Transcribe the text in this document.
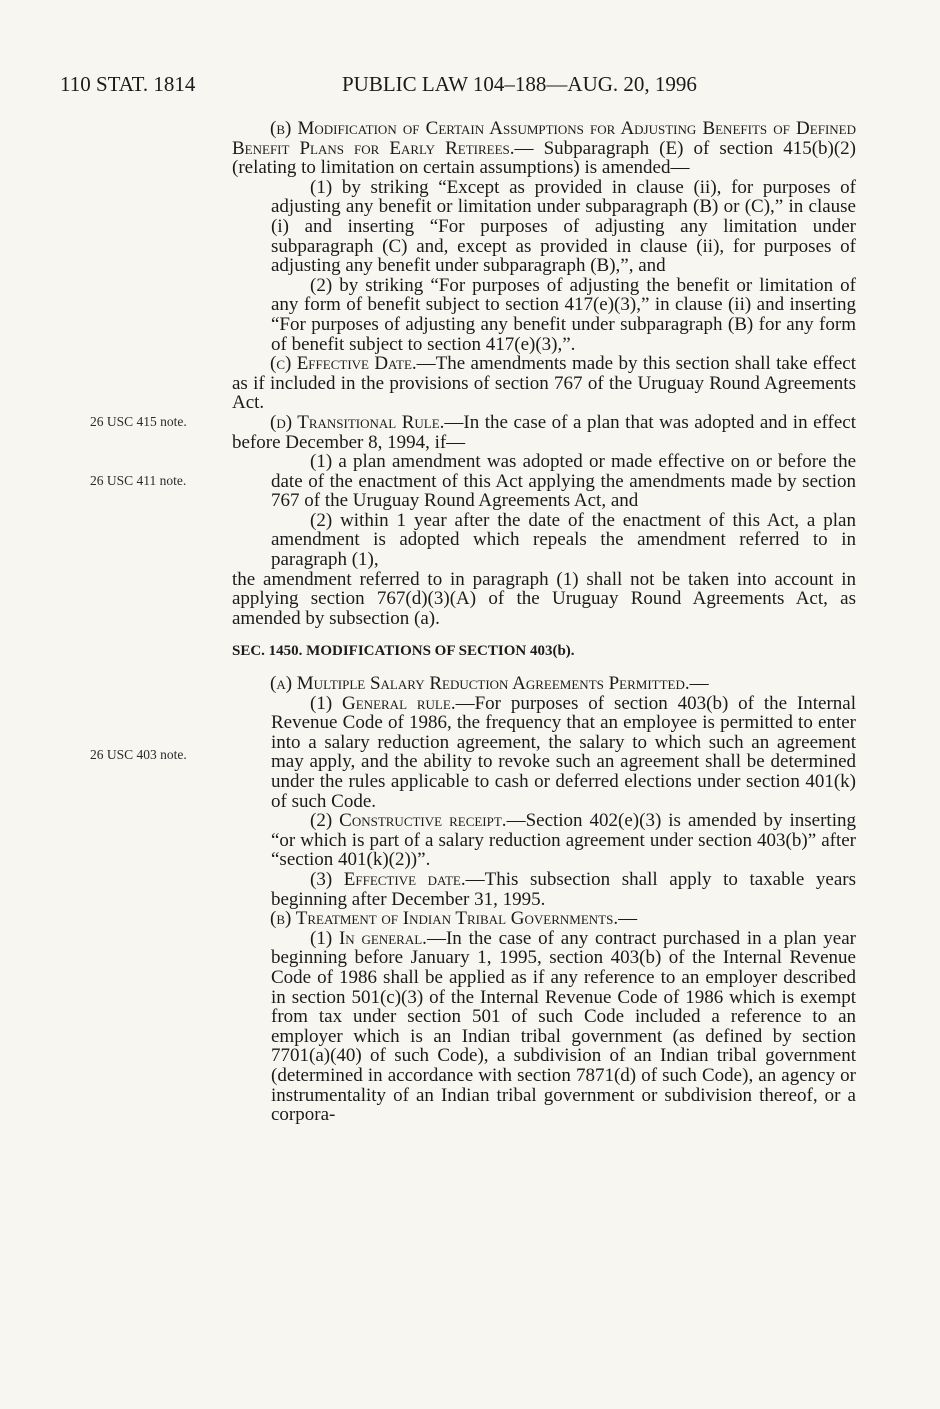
110 STAT. 1814	PUBLIC LAW 104–188—AUG. 20, 1996
26 USC 415 note.
26 USC 411 note.
26 USC 403 note.

(b) Modification of Certain Assumptions for Adjusting Benefits of Defined Benefit Plans for Early Retirees.— Subparagraph (E) of section 415(b)(2) (relating to limitation on certain assumptions) is amended—

(1) by striking “Except as provided in clause (ii), for purposes of adjusting any benefit or limitation under subparagraph (B) or (C),” in clause (i) and inserting “For purposes of adjusting any limitation under subparagraph (C) and, except as provided in clause (ii), for purposes of adjusting any benefit under subparagraph (B),”, and

(2) by striking “For purposes of adjusting the benefit or limitation of any form of benefit subject to section 417(e)(3),” in clause (ii) and inserting “For purposes of adjusting any benefit under subparagraph (B) for any form of benefit subject to section 417(e)(3),”.

(c) Effective Date.—The amendments made by this section shall take effect as if included in the provisions of section 767 of the Uruguay Round Agreements Act.

(d) Transitional Rule.—In the case of a plan that was adopted and in effect before December 8, 1994, if—

(1) a plan amendment was adopted or made effective on or before the date of the enactment of this Act applying the amendments made by section 767 of the Uruguay Round Agreements Act, and

(2) within 1 year after the date of the enactment of this Act, a plan amendment is adopted which repeals the amendment referred to in paragraph (1),

the amendment referred to in paragraph (1) shall not be taken into account in applying section 767(d)(3)(A) of the Uruguay Round Agreements Act, as amended by subsection (a).

SEC. 1450. MODIFICATIONS OF SECTION 403(b).

(a) Multiple Salary Reduction Agreements Permitted.—

(1) General rule.—For purposes of section 403(b) of the Internal Revenue Code of 1986, the frequency that an employee is permitted to enter into a salary reduction agreement, the salary to which such an agreement may apply, and the ability to revoke such an agreement shall be determined under the rules applicable to cash or deferred elections under section 401(k) of such Code.

(2) Constructive receipt.—Section 402(e)(3) is amended by inserting “or which is part of a salary reduction agreement under section 403(b)” after “section 401(k)(2))”.

(3) Effective date.—This subsection shall apply to taxable years beginning after December 31, 1995.

(b) Treatment of Indian Tribal Governments.—

(1) In general.—In the case of any contract purchased in a plan year beginning before January 1, 1995, section 403(b) of the Internal Revenue Code of 1986 shall be applied as if any reference to an employer described in section 501(c)(3) of the Internal Revenue Code of 1986 which is exempt from tax under section 501 of such Code included a reference to an employer which is an Indian tribal government (as defined by section 7701(a)(40) of such Code), a subdivision of an Indian tribal government (determined in accordance with section 7871(d) of such Code), an agency or instrumentality of an Indian tribal government or subdivision thereof, or a corpora-
